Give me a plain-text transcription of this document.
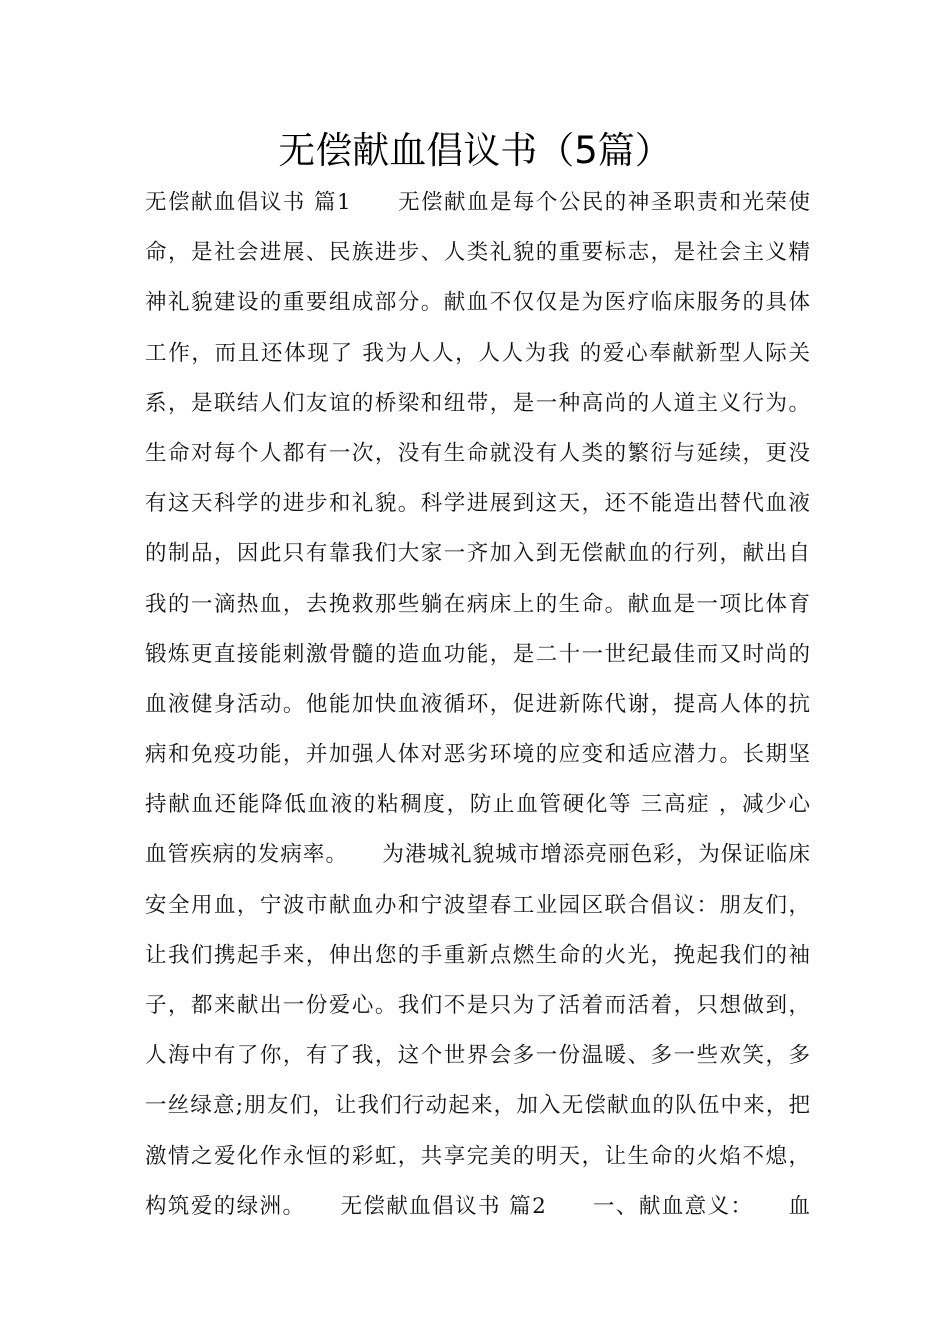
无偿献血倡议书（5篇）
无偿献血倡议书 篇1　　无偿献血是每个公民的神圣职责和光荣使
命，是社会进展、民族进步、人类礼貌的重要标志，是社会主义精
神礼貌建设的重要组成部分。献血不仅仅是为医疗临床服务的具体
工作，而且还体现了 我为人人，人人为我 的爱心奉献新型人际关
系，是联结人们友谊的桥梁和纽带，是一种高尚的人道主义行为。
生命对每个人都有一次，没有生命就没有人类的繁衍与延续，更没
有这天科学的进步和礼貌。科学进展到这天，还不能造出替代血液
的制品，因此只有靠我们大家一齐加入到无偿献血的行列，献出自
我的一滴热血，去挽救那些躺在病床上的生命。献血是一项比体育
锻炼更直接能刺激骨髓的造血功能，是二十一世纪最佳而又时尚的
血液健身活动。他能加快血液循环，促进新陈代谢，提高人体的抗
病和免疫功能，并加强人体对恶劣环境的应变和适应潜力。长期坚
持献血还能降低血液的粘稠度，防止血管硬化等 三高症 ，减少心
血管疾病的发病率。　　为港城礼貌城市增添亮丽色彩，为保证临床
安全用血，宁波市献血办和宁波望春工业园区联合倡议：朋友们，
让我们携起手来，伸出您的手重新点燃生命的火光，挽起我们的袖
子，都来献出一份爱心。我们不是只为了活着而活着，只想做到，
人海中有了你，有了我，这个世界会多一份温暖、多一些欢笑，多
一丝绿意;朋友们，让我们行动起来，加入无偿献血的队伍中来，把
激情之爱化作永恒的彩虹，共享完美的明天，让生命的火焰不熄，
构筑爱的绿洲。　　无偿献血倡议书 篇2　　一、献血意义：　　血
